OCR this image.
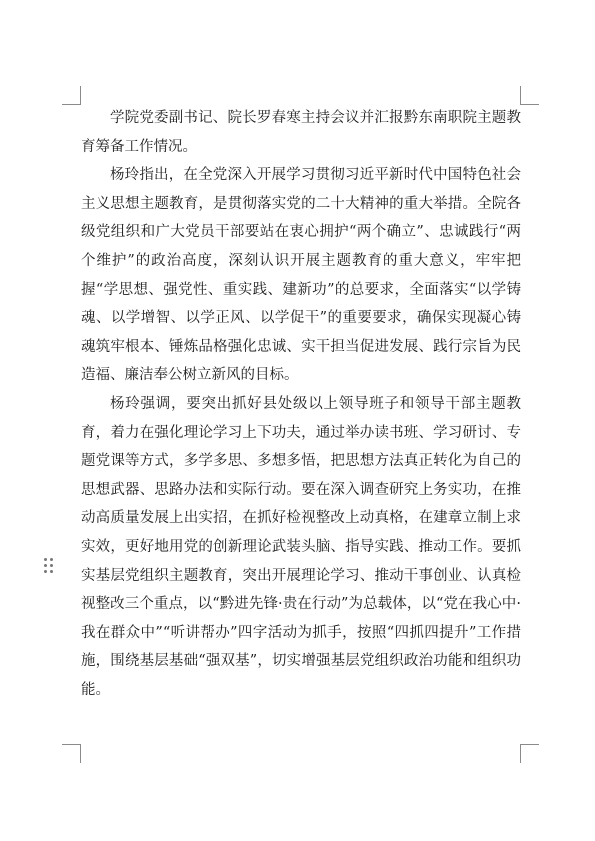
学院党委副书记、院长罗春寒主持会议并汇报黔东南职院主题教育筹备工作情况。

杨玲指出，在全党深入开展学习贯彻习近平新时代中国特色社会主义思想主题教育，是贯彻落实党的二十大精神的重大举措。全院各级党组织和广大党员干部要站在衷心拥护“两个确立”、忠诚践行“两个维护”的政治高度，深刻认识开展主题教育的重大意义，牢牢把握“学思想、强党性、重实践、建新功”的总要求，全面落实“以学铸魂、以学增智、以学正风、以学促干”的重要要求，确保实现凝心铸魂筑牢根本、锤炼品格强化忠诚、实干担当促进发展、践行宗旨为民造福、廉洁奉公树立新风的目标。

杨玲强调，要突出抓好县处级以上领导班子和领导干部主题教育，着力在强化理论学习上下功夫，通过举办读书班、学习研讨、专题党课等方式，多学多思、多想多悟，把思想方法真正转化为自己的思想武器、思路办法和实际行动。要在深入调查研究上务实功，在推动高质量发展上出实招，在抓好检视整改上动真格，在建章立制上求实效，更好地用党的创新理论武装头脑、指导实践、推动工作。要抓实基层党组织主题教育，突出开展理论学习、推动干事创业、认真检视整改三个重点，以“黔进先锋·贵在行动”为总载体，以“党在我心中·我在群众中”“听讲帮办”四字活动为抓手，按照“四抓四提升”工作措施，围绕基层基础“强双基”，切实增强基层党组织政治功能和组织功能。
